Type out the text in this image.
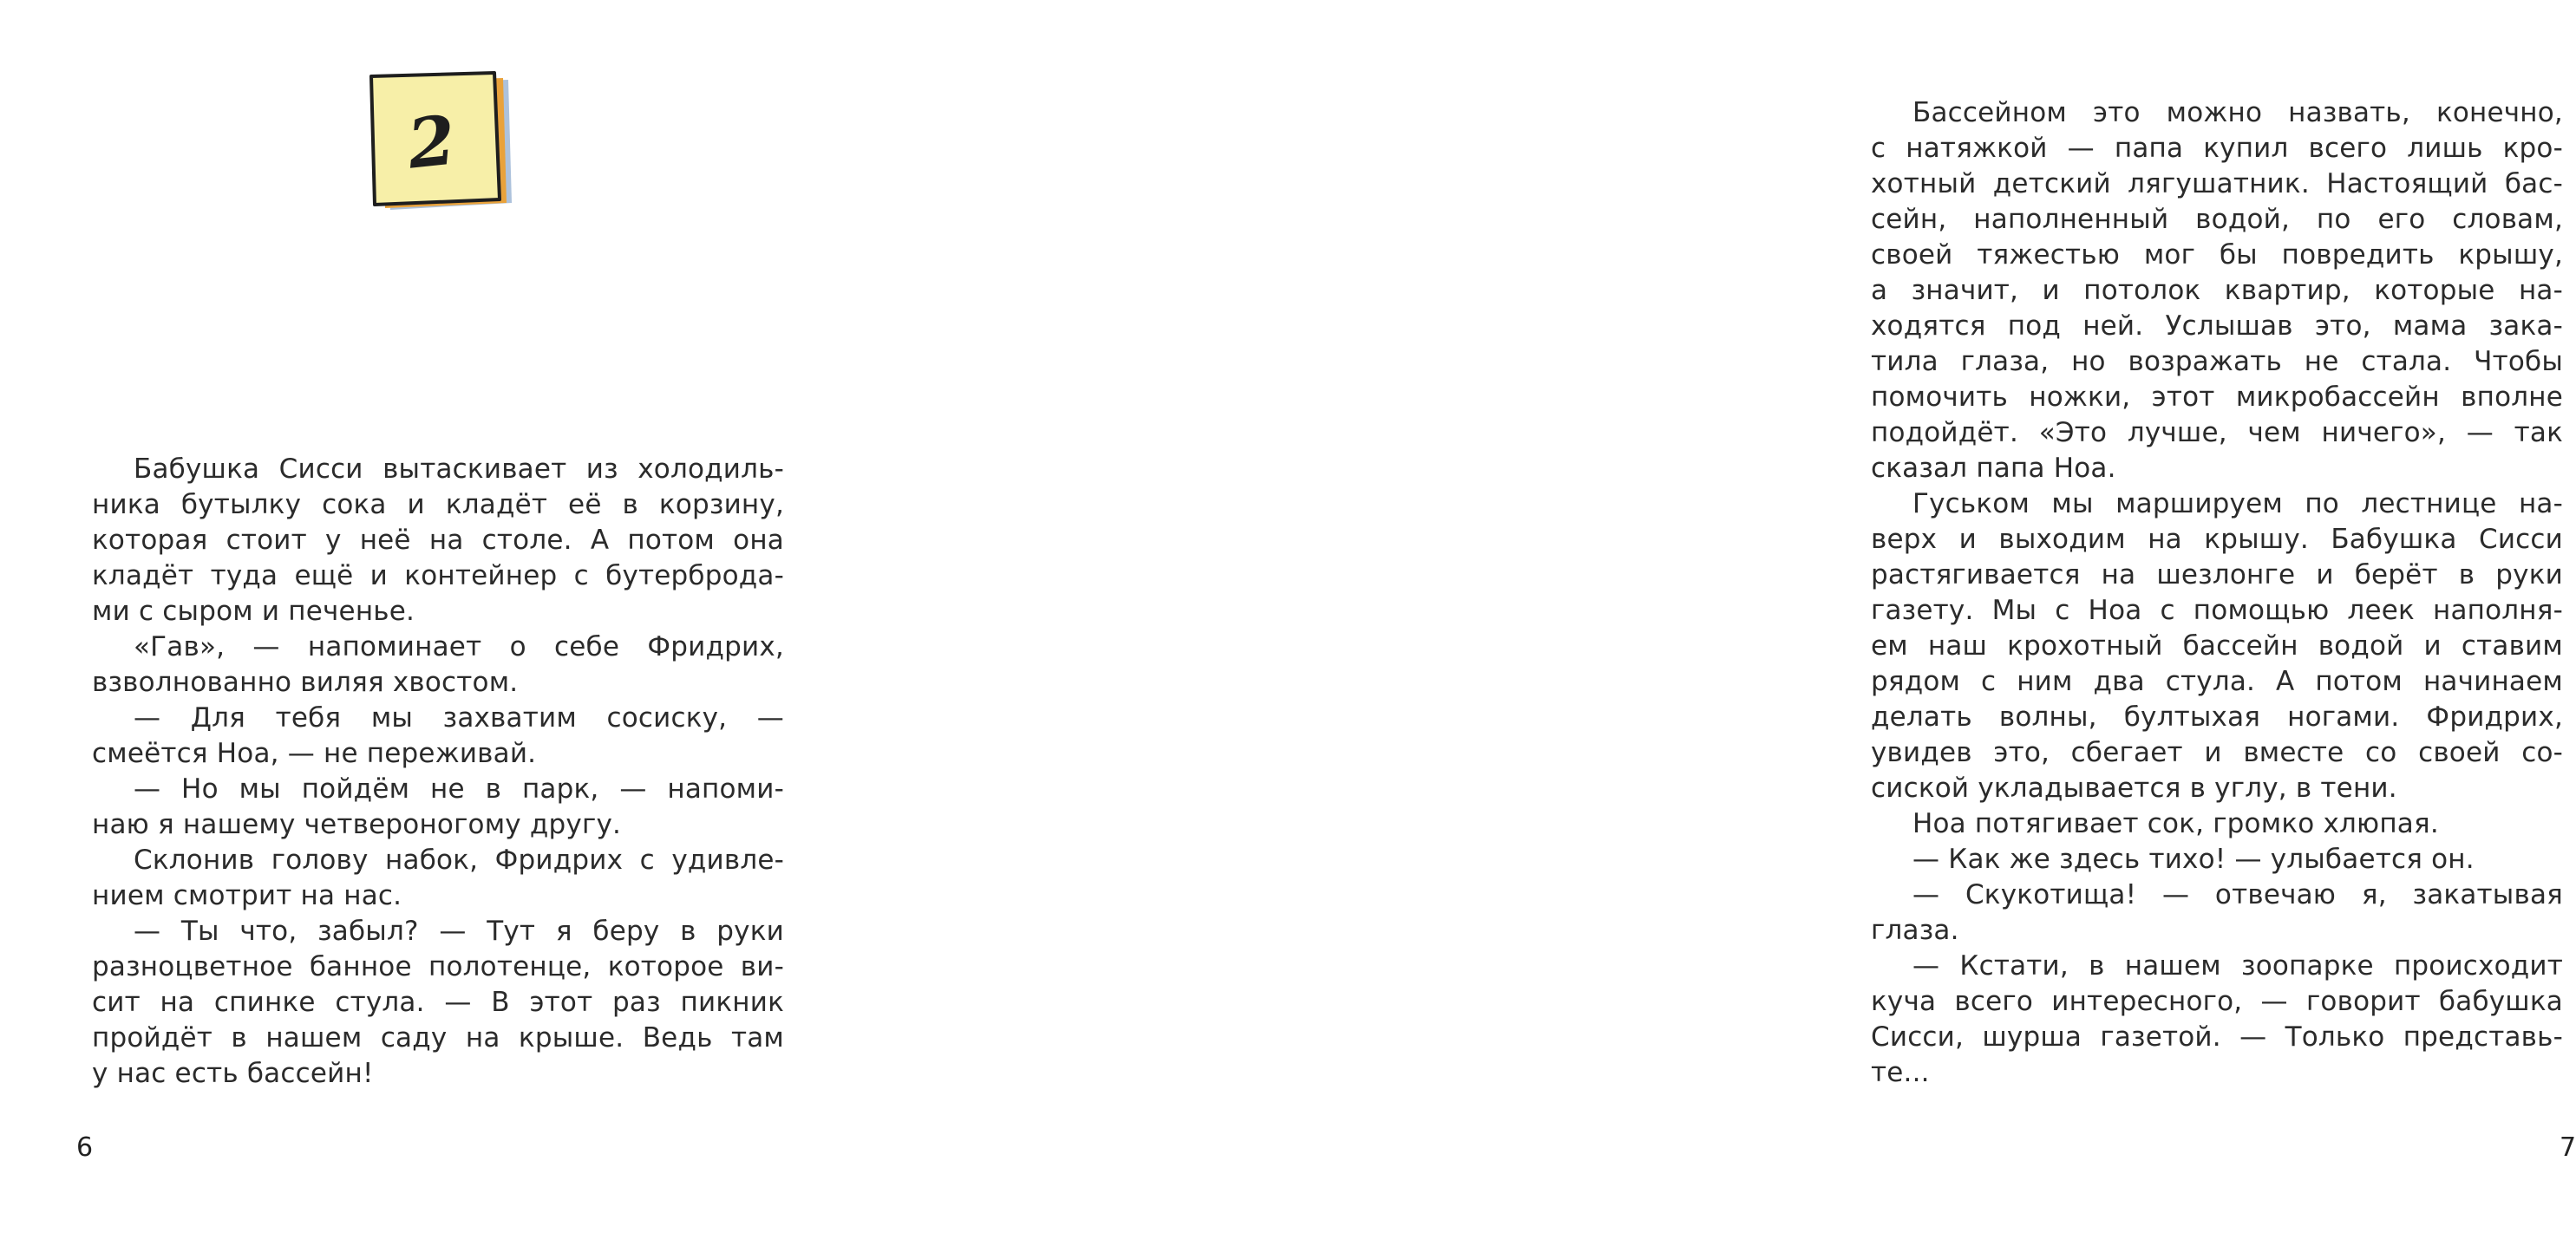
2
Бабушка Сисси вытаскивает из холодиль-
ника бутылку сока и кладёт её в корзину,
которая стоит у неё на столе. А потом она
кладёт туда ещё и контейнер с бутерброда-
ми с сыром и печенье.
«Гав», — напоминает о себе Фридрих,
взволнованно виляя хвостом.
— Для тебя мы захватим сосиску, —
смеётся Ноа, — не переживай.
— Но мы пойдём не в парк, — напоми-
наю я нашему четвероногому другу.
Склонив голову набок, Фридрих с удивле-
нием смотрит на нас.
— Ты что, забыл? — Тут я беру в руки
разноцветное банное полотенце, которое ви-
сит на спинке стула. — В этот раз пикник
пройдёт в нашем саду на крыше. Ведь там
у нас есть бассейн!
6
Бассейном это можно назвать, конечно,
с натяжкой — папа купил всего лишь кро-
хотный детский лягушатник. Настоящий бас-
сейн, наполненный водой, по его словам,
своей тяжестью мог бы повредить крышу,
а значит, и потолок квартир, которые на-
ходятся под ней. Услышав это, мама зака-
тила глаза, но возражать не стала. Чтобы
помочить ножки, этот микробассейн вполне
подойдёт. «Это лучше, чем ничего», — так
сказал папа Ноа.
Гуськом мы маршируем по лестнице на-
верх и выходим на крышу. Бабушка Сисси
растягивается на шезлонге и берёт в руки
газету. Мы с Ноа с помощью леек наполня-
ем наш крохотный бассейн водой и ставим
рядом с ним два стула. А потом начинаем
делать волны, бултыхая ногами. Фридрих,
увидев это, сбегает и вместе со своей со-
сиской укладывается в углу, в тени.
Ноа потягивает сок, громко хлюпая.
— Как же здесь тихо! — улыбается он.
— Скукотища! — отвечаю я, закатывая
глаза.
— Кстати, в нашем зоопарке происходит
куча всего интересного, — говорит бабушка
Сисси, шурша газетой. — Только представь-
те...
7
